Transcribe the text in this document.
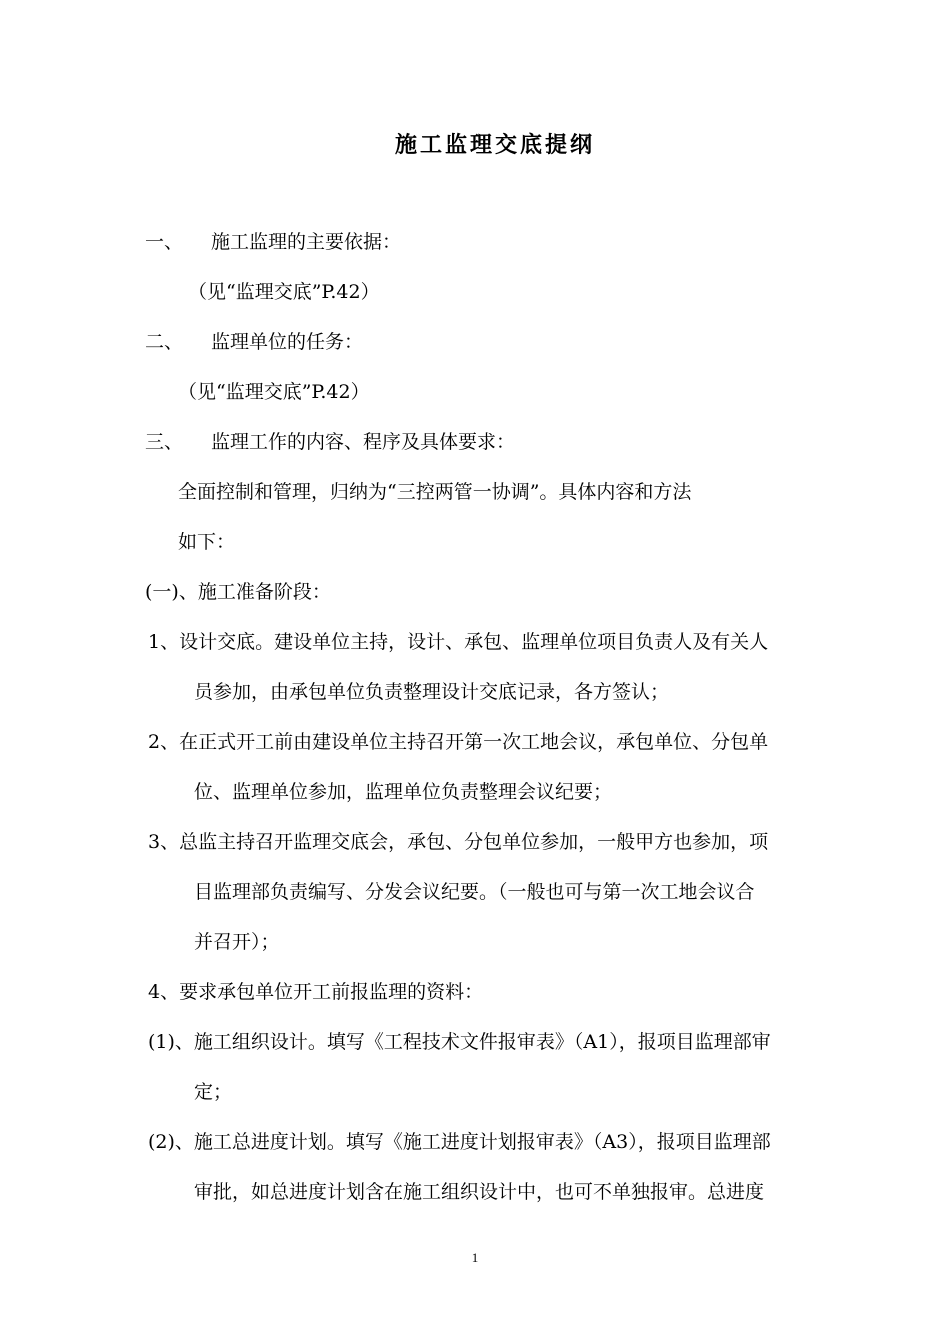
施工监理交底提纲
一、 施工监理的主要依据：
（见“监理交底”P.42）
二、 监理单位的任务：
（见“监理交底”P.42）
三、 监理工作的内容、程序及具体要求：
全面控制和管理，归纳为“三控两管一协调”。具体内容和方法
如下：
(一)、施工准备阶段：
1、设计交底。建设单位主持，设计、承包、监理单位项目负责人及有关人
员参加，由承包单位负责整理设计交底记录，各方签认；
2、在正式开工前由建设单位主持召开第一次工地会议，承包单位、分包单
位、监理单位参加，监理单位负责整理会议纪要；
3、总监主持召开监理交底会，承包、分包单位参加，一般甲方也参加，项
目监理部负责编写、分发会议纪要。（一般也可与第一次工地会议合
并召开）；
4、要求承包单位开工前报监理的资料：
(1)、施工组织设计。填写《工程技术文件报审表》（A1），报项目监理部审
定；
(2)、施工总进度计划。填写《施工进度计划报审表》（A3），报项目监理部
审批，如总进度计划含在施工组织设计中，也可不单独报审。总进度
1
